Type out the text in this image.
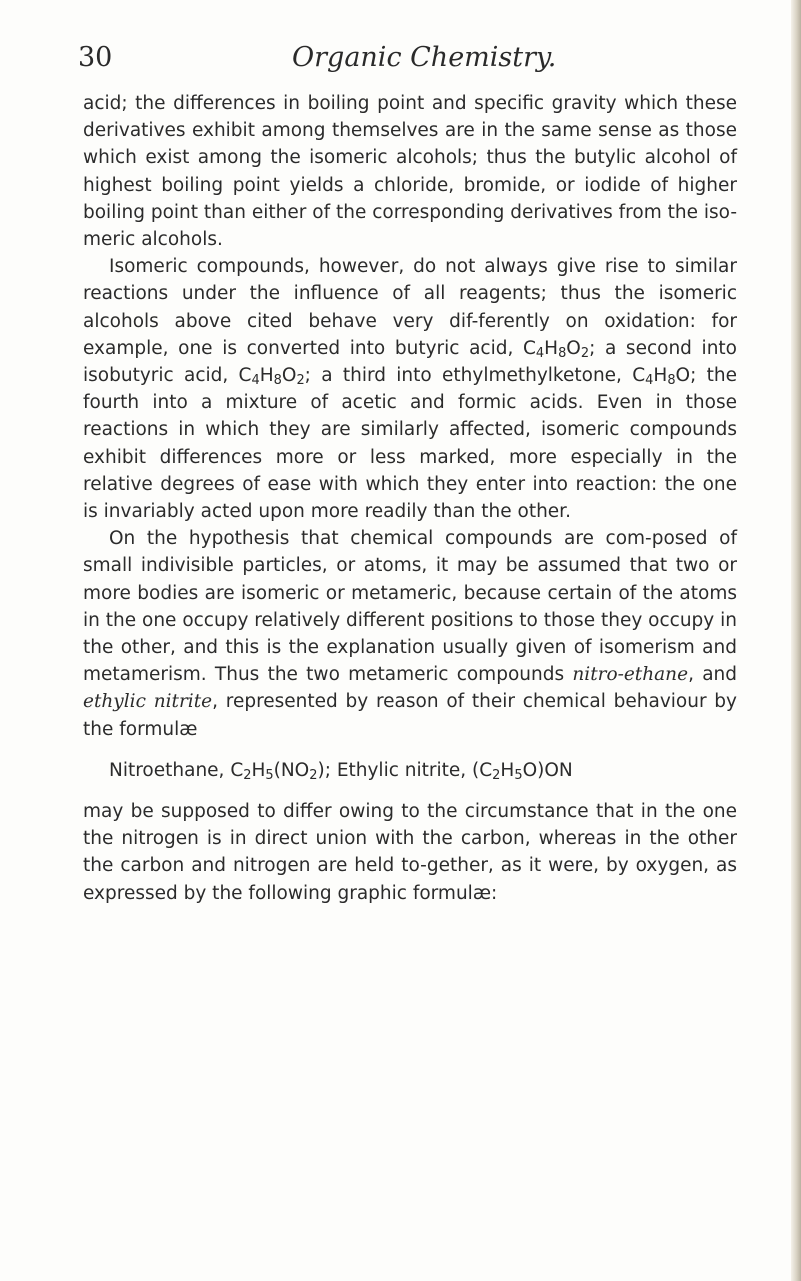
30	Organic Chemistry.

acid; the differences in boiling point and specific gravity which these derivatives exhibit among themselves are in the same sense as those which exist among the isomeric alcohols; thus the butylic alcohol of highest boiling point yields a chloride, bromide, or iodide of higher boiling point than either of the corresponding derivatives from the iso-meric alcohols.

Isomeric compounds, however, do not always give rise to similar reactions under the influence of all reagents; thus the isomeric alcohols above cited behave very dif-ferently on oxidation: for example, one is converted into butyric acid, $C_4H_8O_2$; a second into isobutyric acid, $C_4H_8O_2$; a third into ethylmethylketone, $C_4H_8O$; the fourth into a mixture of acetic and formic acids. Even in those reactions in which they are similarly affected, isomeric compounds exhibit differences more or less marked, more especially in the relative degrees of ease with which they enter into reaction: the one is invariably acted upon more readily than the other.

On the hypothesis that chemical compounds are com-posed of small indivisible particles, or atoms, it may be assumed that two or more bodies are isomeric or metameric, because certain of the atoms in the one occupy relatively different positions to those they occupy in the other, and this is the explanation usually given of isomerism and metamerism. Thus the two metameric compounds nitro-ethane, and ethylic nitrite, represented by reason of their chemical behaviour by the formulæ

Nitroethane, $C_2H_5(NO_2)$; Ethylic nitrite, $(C_2H_5O)ON$

may be supposed to differ owing to the circumstance that in the one the nitrogen is in direct union with the carbon, whereas in the other the carbon and nitrogen are held to-gether, as it were, by oxygen, as expressed by the following graphic formulæ:
